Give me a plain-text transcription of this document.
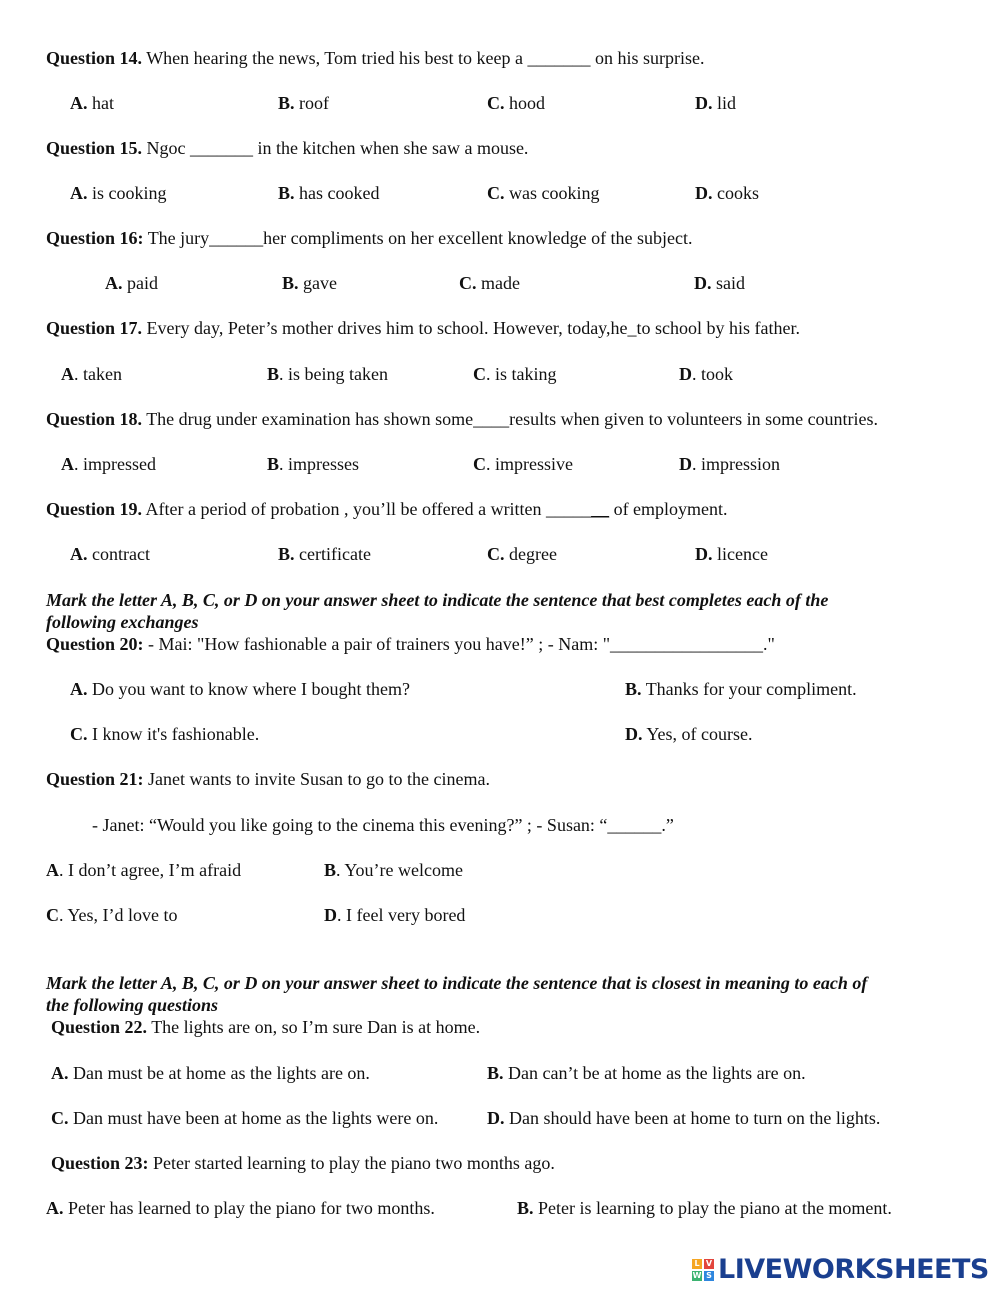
Question 14. When hearing the news, Tom tried his best to keep a _______ on his surprise.
A. hat	B. roof	C. hood	D. lid
Question 15. Ngoc _______ in the kitchen when she saw a mouse.
A. is cooking	B. has cooked	C. was cooking	D. cooks
Question 16: The jury______her compliments on her excellent knowledge of the subject.
A. paid	B. gave	C. made	D. said
Question 17. Every day, Peter’s mother drives him to school. However, today,he_to school by his father.
A. taken	B. is being taken	C. is taking	D. took
Question 18. The drug under examination has shown some____results when given to volunteers in some countries.
A. impressed	B. impresses	C. impressive	D. impression
Question 19. After a period of probation , you’ll be offered a written _______ of employment.
A. contract	B. certificate	C. degree	D. licence
Mark the letter A, B, C, or D on your answer sheet to indicate the sentence that best completes each of the
following exchanges
Question 20: - Mai: "How fashionable a pair of trainers you have!” ; - Nam: "_________________."
A. Do you want to know where I bought them?	B. Thanks for your compliment.
C. I know it's fashionable.	D. Yes, of course.
Question 21: Janet wants to invite Susan to go to the cinema.
- Janet: “Would you like going to the cinema this evening?” ; - Susan: “______.”
A. I don’t agree, I’m afraid	B. You’re welcome
C. Yes, I’d love to	D. I feel very bored
Mark the letter A, B, C, or D on your answer sheet to indicate the sentence that is closest in meaning to each of
the following questions
Question 22. The lights are on, so I’m sure Dan is at home.
A. Dan must be at home as the lights are on.	B. Dan can’t be at home as the lights are on.
C. Dan must have been at home as the lights were on.	D. Dan should have been at home to turn on the lights.
Question 23: Peter started learning to play the piano two months ago.
A. Peter has learned to play the piano for two months.	B. Peter is learning to play the piano at the moment.
L V
W S LIVEWORKSHEETS
